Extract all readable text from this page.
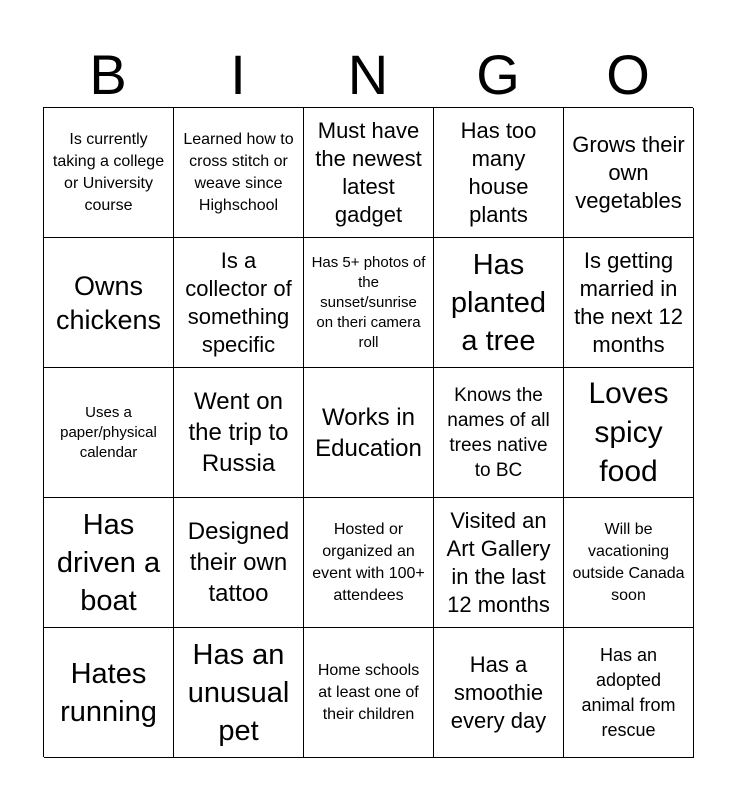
B	I	N	G	O
Is currently taking a college or University course
Learned how to cross stitch or weave since Highschool
Must have the newest latest gadget
Has too many house plants
Grows their own vegetables
Owns chickens
Is a collector of something specific
Has 5+ photos of the sunset/sunrise on theri camera roll
Has planted a tree
Is getting married in the next 12 months
Uses a paper/physical calendar
Went on the trip to Russia
Works in Education
Knows the names of all trees native to BC
Loves spicy food
Has driven a boat
Designed their own tattoo
Hosted or organized an event with 100+ attendees
Visited an Art Gallery in the last 12 months
Will be vacationing outside Canada soon
Hates running
Has an unusual pet
Home schools at least one of their children
Has a smoothie every day
Has an adopted animal from rescue
